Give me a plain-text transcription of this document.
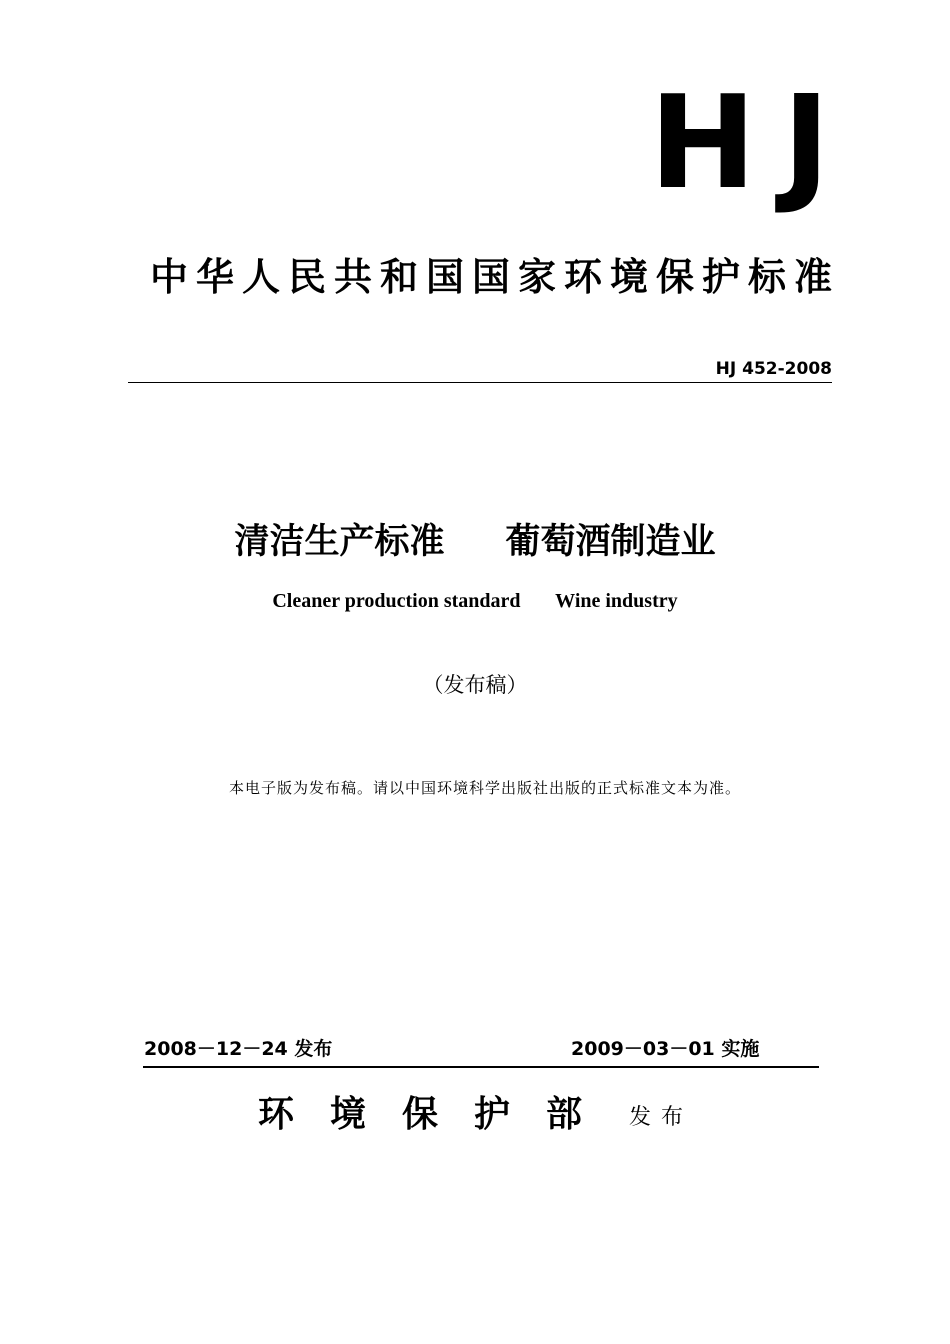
HJ
中华人民共和国国家环境保护标准
HJ 452-2008
清洁生产标准     葡萄酒制造业
Cleaner production standard       Wine industry
（发布稿）
本电子版为发布稿。请以中国环境科学出版社出版的正式标准文本为准。
2008－12－24 发布	2009－03－01 实施
环境保护部 发布
